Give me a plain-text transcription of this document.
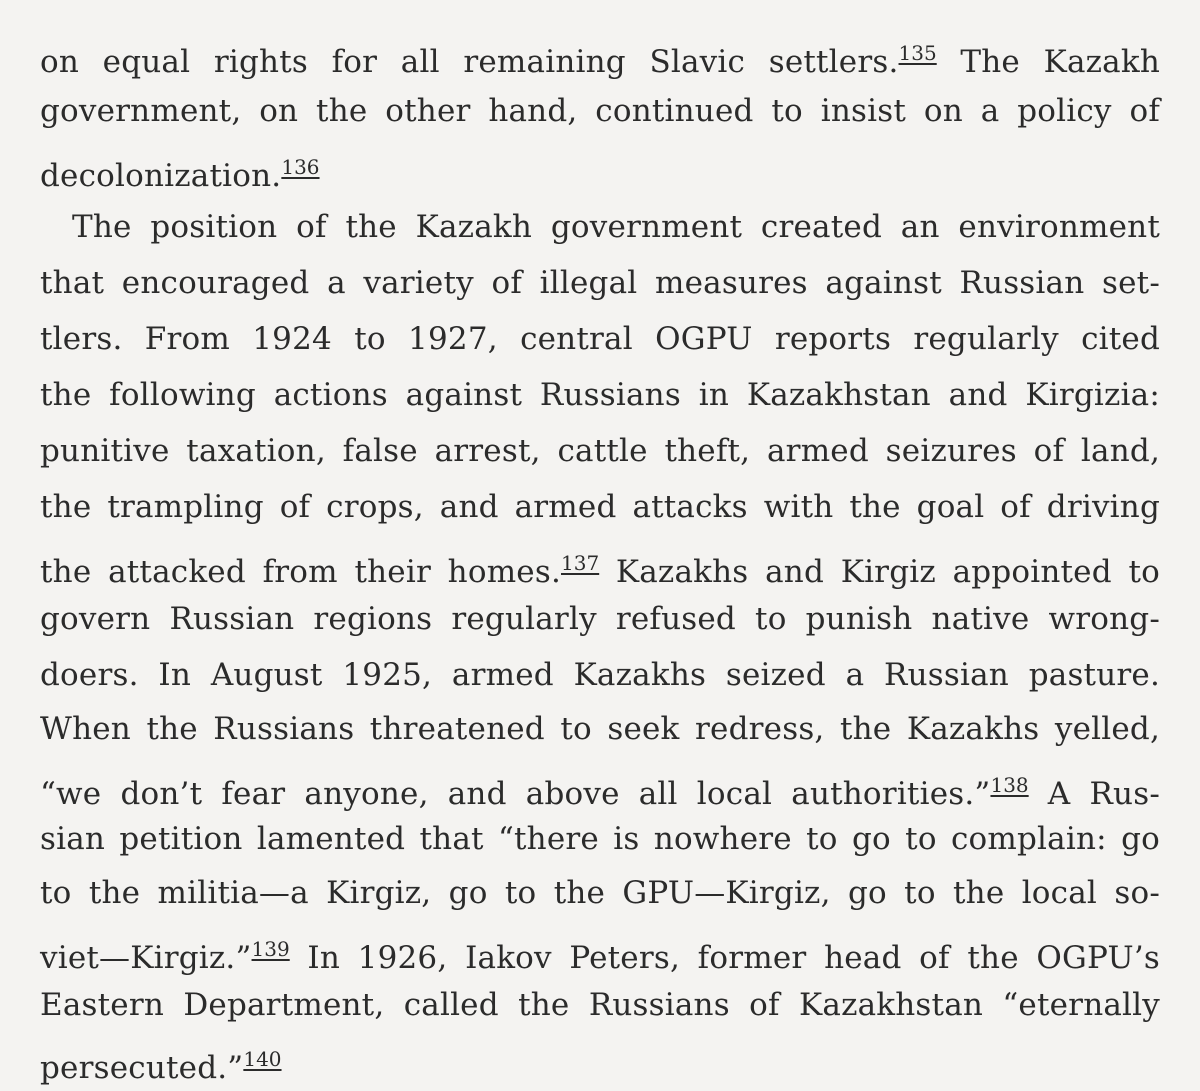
on equal rights for all remaining Slavic settlers.$^{135}$ The Kazakh
government, on the other hand, continued to insist on a policy of
decolonization.$^{136}$
The position of the Kazakh government created an environment
that encouraged a variety of illegal measures against Russian set-
tlers. From 1924 to 1927, central OGPU reports regularly cited
the following actions against Russians in Kazakhstan and Kirgizia:
punitive taxation, false arrest, cattle theft, armed seizures of land,
the trampling of crops, and armed attacks with the goal of driving
the attacked from their homes.$^{137}$ Kazakhs and Kirgiz appointed to
govern Russian regions regularly refused to punish native wrong-
doers. In August 1925, armed Kazakhs seized a Russian pasture.
When the Russians threatened to seek redress, the Kazakhs yelled,
“we don’t fear anyone, and above all local authorities.”$^{138}$ A Rus-
sian petition lamented that “there is nowhere to go to complain: go
to the militia—a Kirgiz, go to the GPU—Kirgiz, go to the local so-
viet—Kirgiz.”$^{139}$ In 1926, Iakov Peters, former head of the OGPU’s
Eastern Department, called the Russians of Kazakhstan “eternally
persecuted.”$^{140}$
